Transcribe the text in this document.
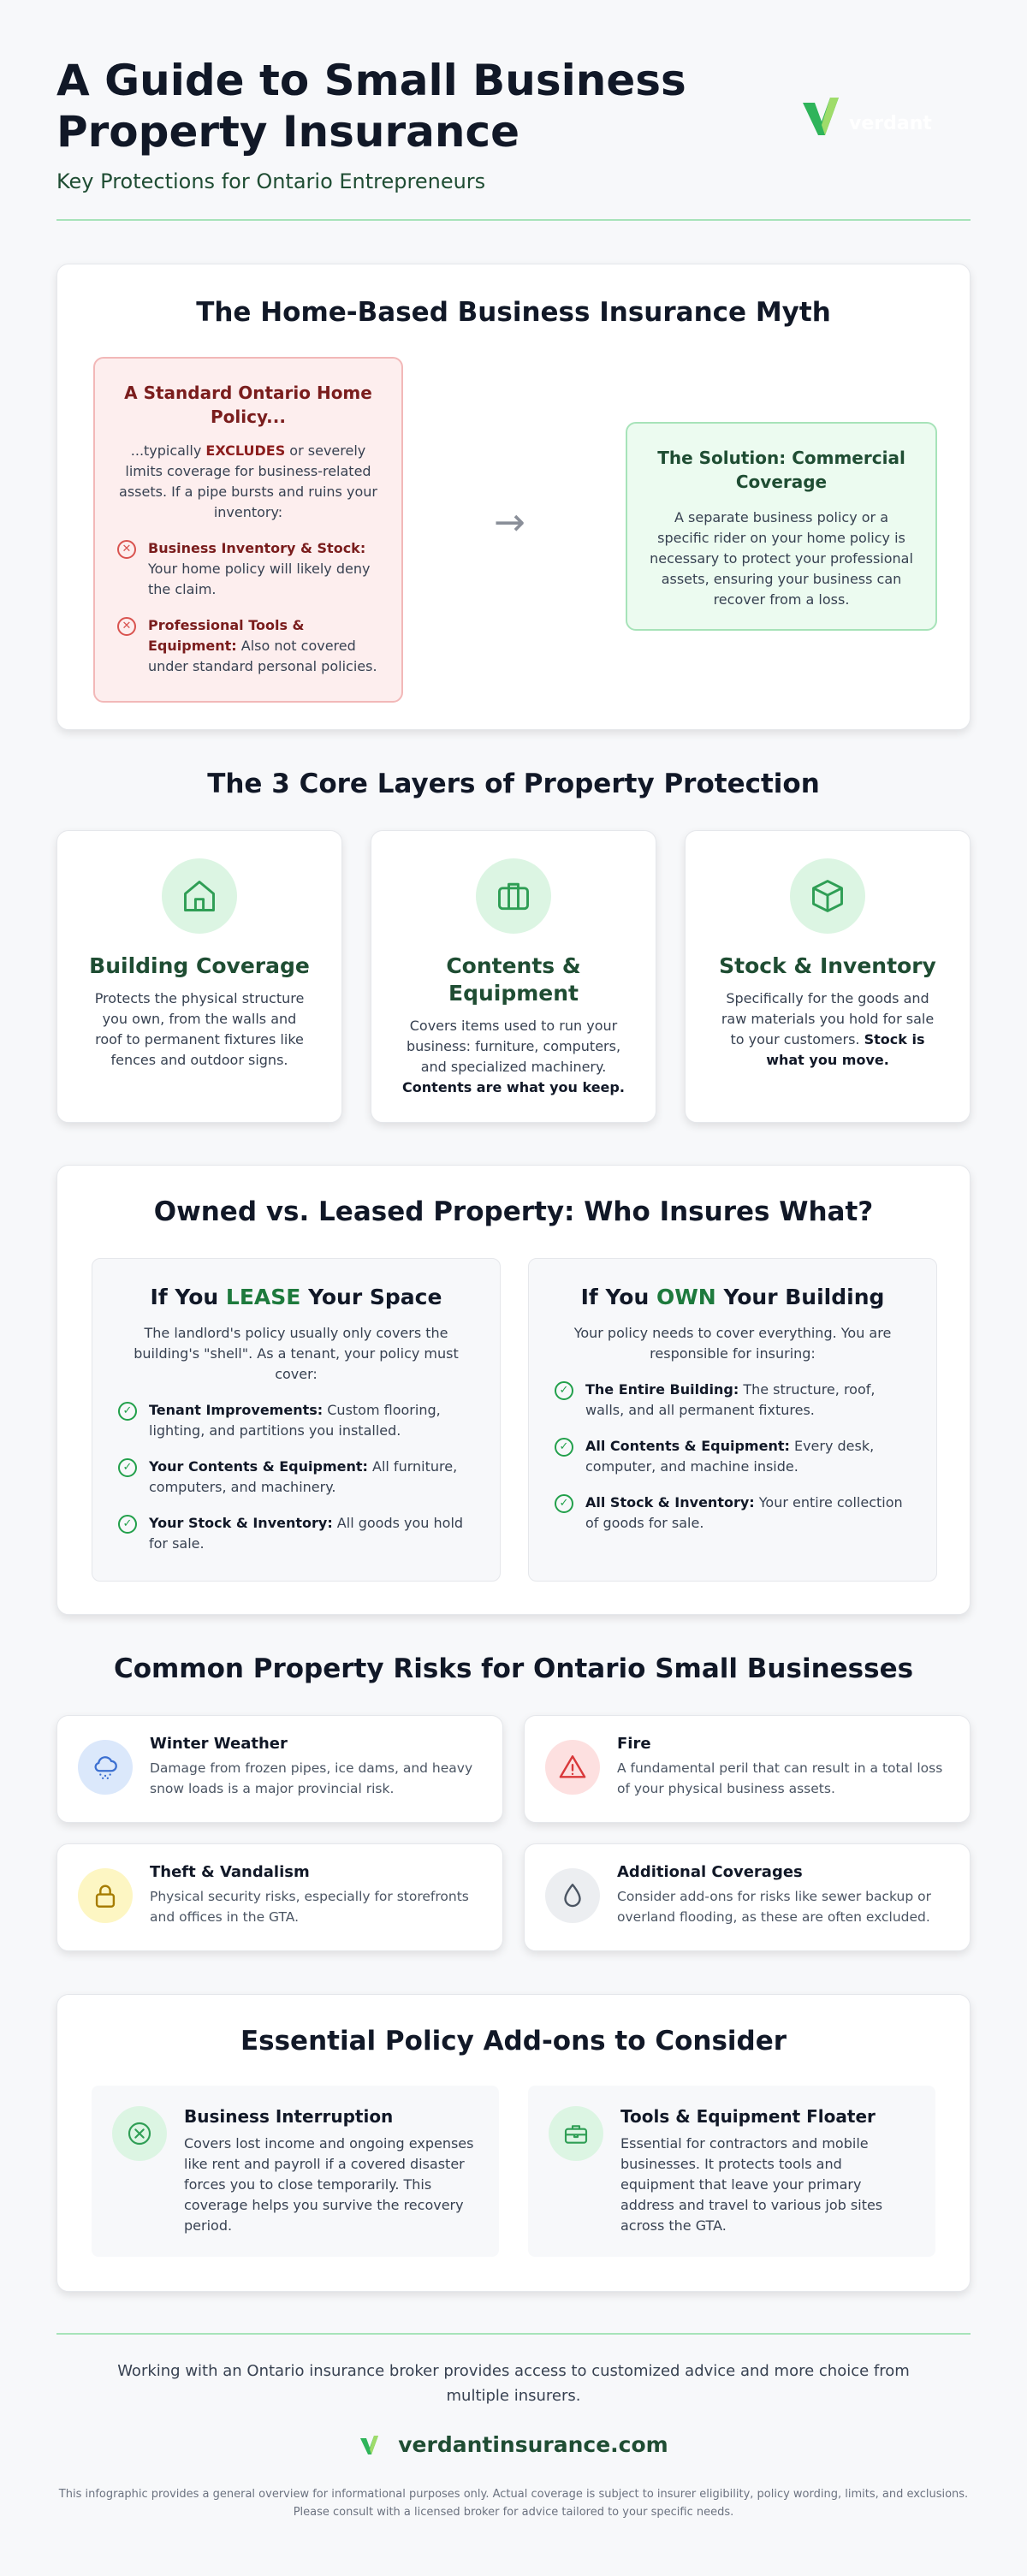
A Guide to Small Business Property Insurance
Key Protections for Ontario Entrepreneurs
verdant
The Home-Based Business Insurance Myth
A Standard Ontario Home Policy...

...typically EXCLUDES or severely limits coverage for business-related assets. If a pipe bursts and ruins your inventory:

✕	Business Inventory & Stock: Your home policy will likely deny the claim.
✕	Professional Tools & Equipment: Also not covered under standard personal policies.
→
The Solution: Commercial Coverage

A separate business policy or a specific rider on your home policy is necessary to protect your professional assets, ensuring your business can recover from a loss.

The 3 Core Layers of Property Protection
Building Coverage

Protects the physical structure you own, from the walls and roof to permanent fixtures like fences and outdoor signs.

Contents & Equipment

Covers items used to run your business: furniture, computers, and specialized machinery. Contents are what you keep.

Stock & Inventory

Specifically for the goods and raw materials you hold for sale to your customers. Stock is what you move.

Owned vs. Leased Property: Who Insures What?
If You LEASE Your Space

The landlord's policy usually only covers the building's "shell". As a tenant, your policy must cover:

✓	Tenant Improvements: Custom flooring, lighting, and partitions you installed.
✓	Your Contents & Equipment: All furniture, computers, and machinery.
✓	Your Stock & Inventory: All goods you hold for sale.
If You OWN Your Building

Your policy needs to cover everything. You are responsible for insuring:

✓	The Entire Building: The structure, roof, walls, and all permanent fixtures.
✓	All Contents & Equipment: Every desk, computer, and machine inside.
✓	All Stock & Inventory: Your entire collection of goods for sale.
Common Property Risks for Ontario Small Businesses
Winter Weather

Damage from frozen pipes, ice dams, and heavy snow loads is a major provincial risk.

Fire

A fundamental peril that can result in a total loss of your physical business assets.

Theft & Vandalism

Physical security risks, especially for storefronts and offices in the GTA.

Additional Coverages

Consider add-ons for risks like sewer backup or overland flooding, as these are often excluded.

Essential Policy Add-ons to Consider
Business Interruption

Covers lost income and ongoing expenses like rent and payroll if a covered disaster forces you to close temporarily. This coverage helps you survive the recovery period.

Tools & Equipment Floater

Essential for contractors and mobile businesses. It protects tools and equipment that leave your primary address and travel to various job sites across the GTA.

Working with an Ontario insurance broker provides access to customized advice and more choice from multiple insurers.
verdantinsurance.com
This infographic provides a general overview for informational purposes only. Actual coverage is subject to insurer eligibility, policy wording, limits, and exclusions. Please consult with a licensed broker for advice tailored to your specific needs.
